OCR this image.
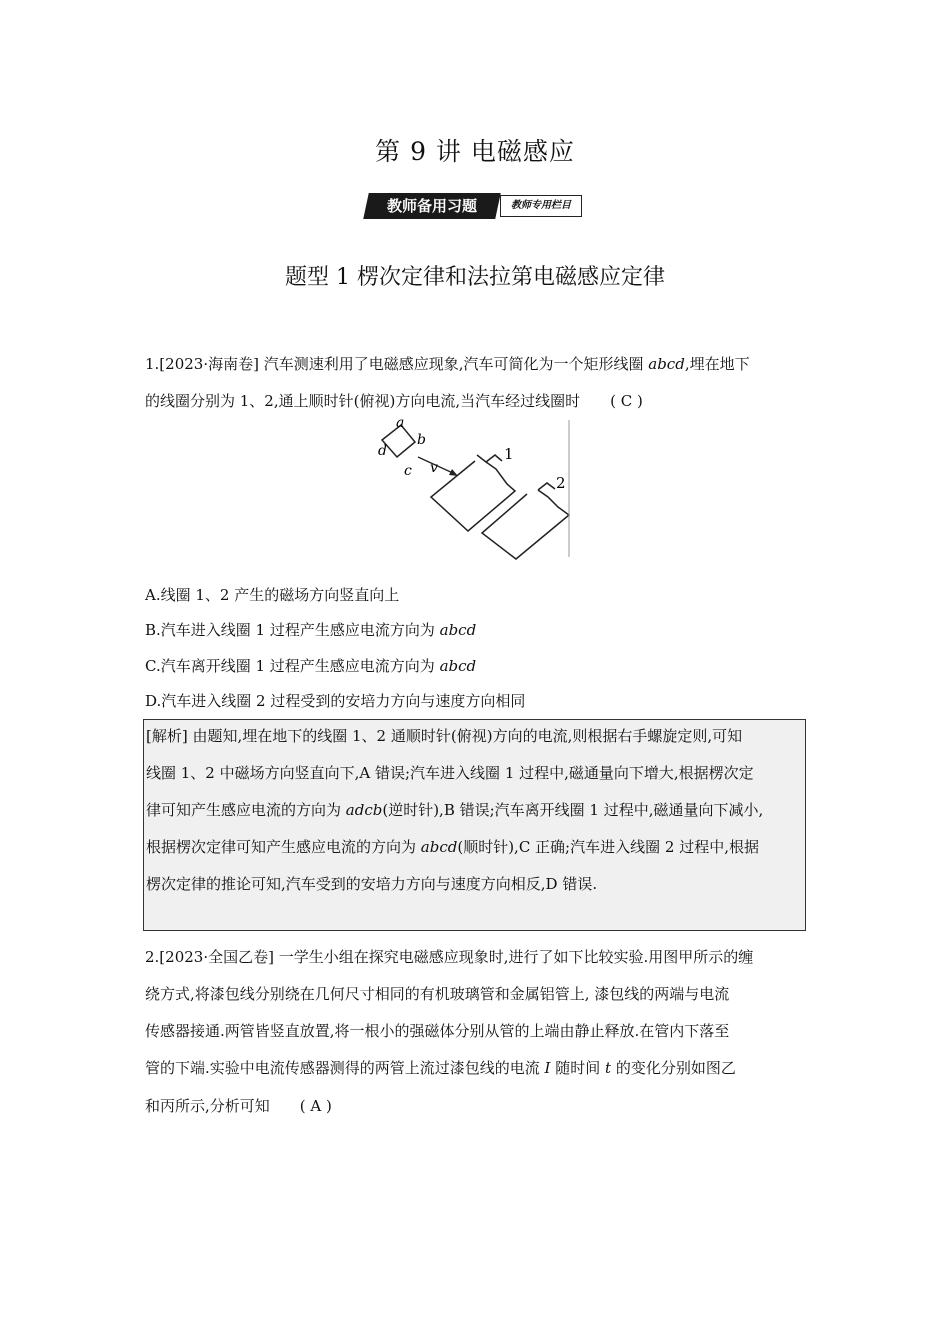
第 9 讲 电磁感应
教师备用习题	教师专用栏目
题型 1 楞次定律和法拉第电磁感应定律
1.[2023·海南卷] 汽车测速利用了电磁感应现象,汽车可简化为一个矩形线圈 abcd,埋在地下
的线圈分别为 1、2,通上顺时针(俯视)方向电流,当汽车经过线圈时 ( C )
a
b
c
d
v
1
2
A.线圈 1、2 产生的磁场方向竖直向上
B.汽车进入线圈 1 过程产生感应电流方向为 abcd
C.汽车离开线圈 1 过程产生感应电流方向为 abcd
D.汽车进入线圈 2 过程受到的安培力方向与速度方向相同
[解析] 由题知,埋在地下的线圈 1、2 通顺时针(俯视)方向的电流,则根据右手螺旋定则,可知
线圈 1、2 中磁场方向竖直向下,A 错误;汽车进入线圈 1 过程中,磁通量向下增大,根据楞次定
律可知产生感应电流的方向为 adcb(逆时针),B 错误;汽车离开线圈 1 过程中,磁通量向下减小,
根据楞次定律可知产生感应电流的方向为 abcd(顺时针),C 正确;汽车进入线圈 2 过程中,根据
楞次定律的推论可知,汽车受到的安培力方向与速度方向相反,D 错误.
2.[2023·全国乙卷] 一学生小组在探究电磁感应现象时,进行了如下比较实验.用图甲所示的缠
绕方式,将漆包线分别绕在几何尺寸相同的有机玻璃管和金属铝管上, 漆包线的两端与电流
传感器接通.两管皆竖直放置,将一根小的强磁体分别从管的上端由静止释放.在管内下落至
管的下端.实验中电流传感器测得的两管上流过漆包线的电流 I 随时间 t 的变化分别如图乙
和丙所示,分析可知 ( A )
